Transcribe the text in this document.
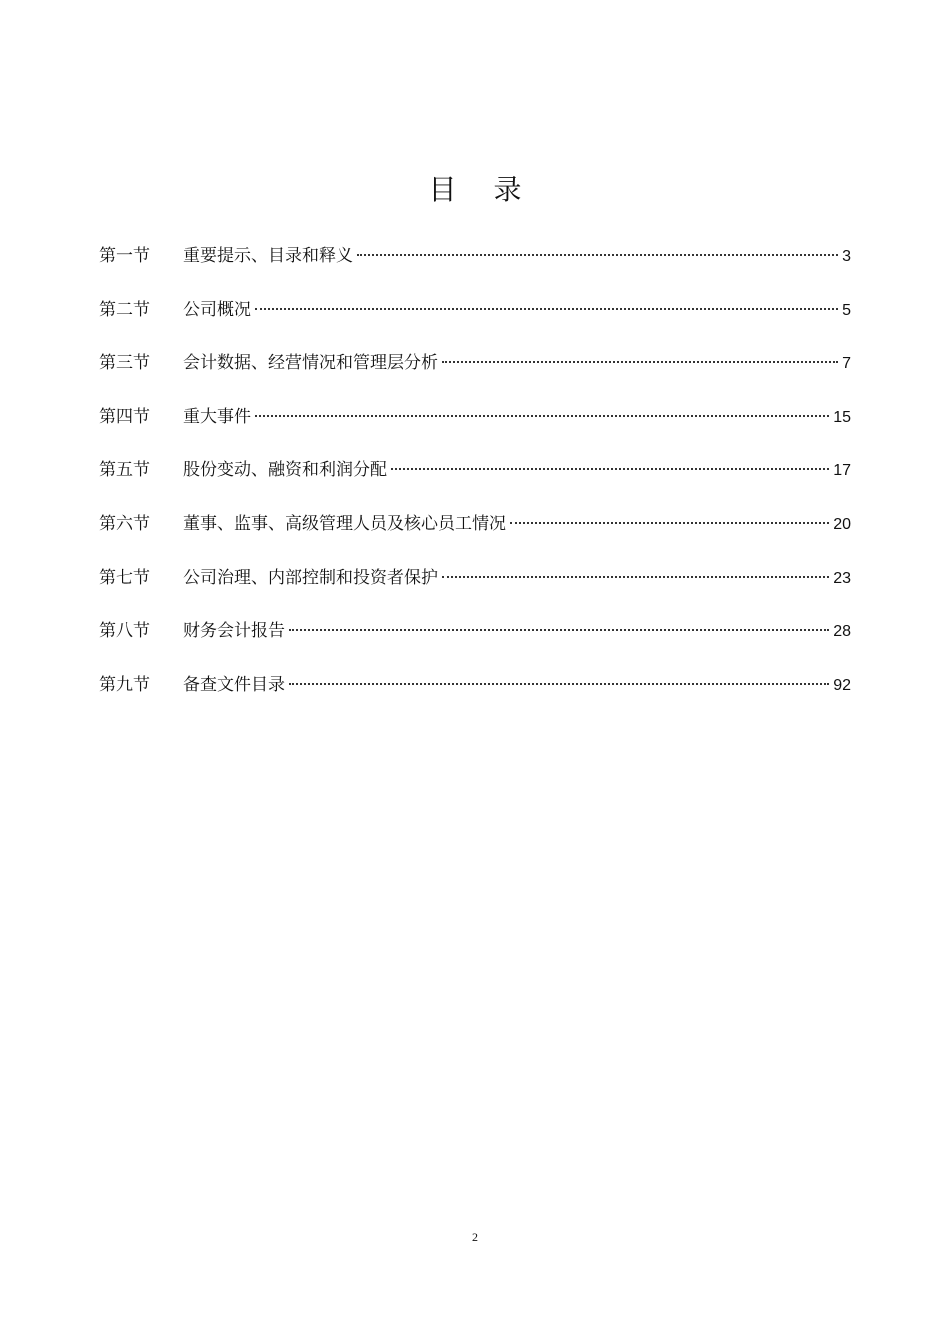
目 录
第一节	重要提示、目录和释义	3
第二节	公司概况	5
第三节	会计数据、经营情况和管理层分析	7
第四节	重大事件	15
第五节	股份变动、融资和利润分配	17
第六节	董事、监事、高级管理人员及核心员工情况	20
第七节	公司治理、内部控制和投资者保护	23
第八节	财务会计报告	28
第九节	备查文件目录	92
2
